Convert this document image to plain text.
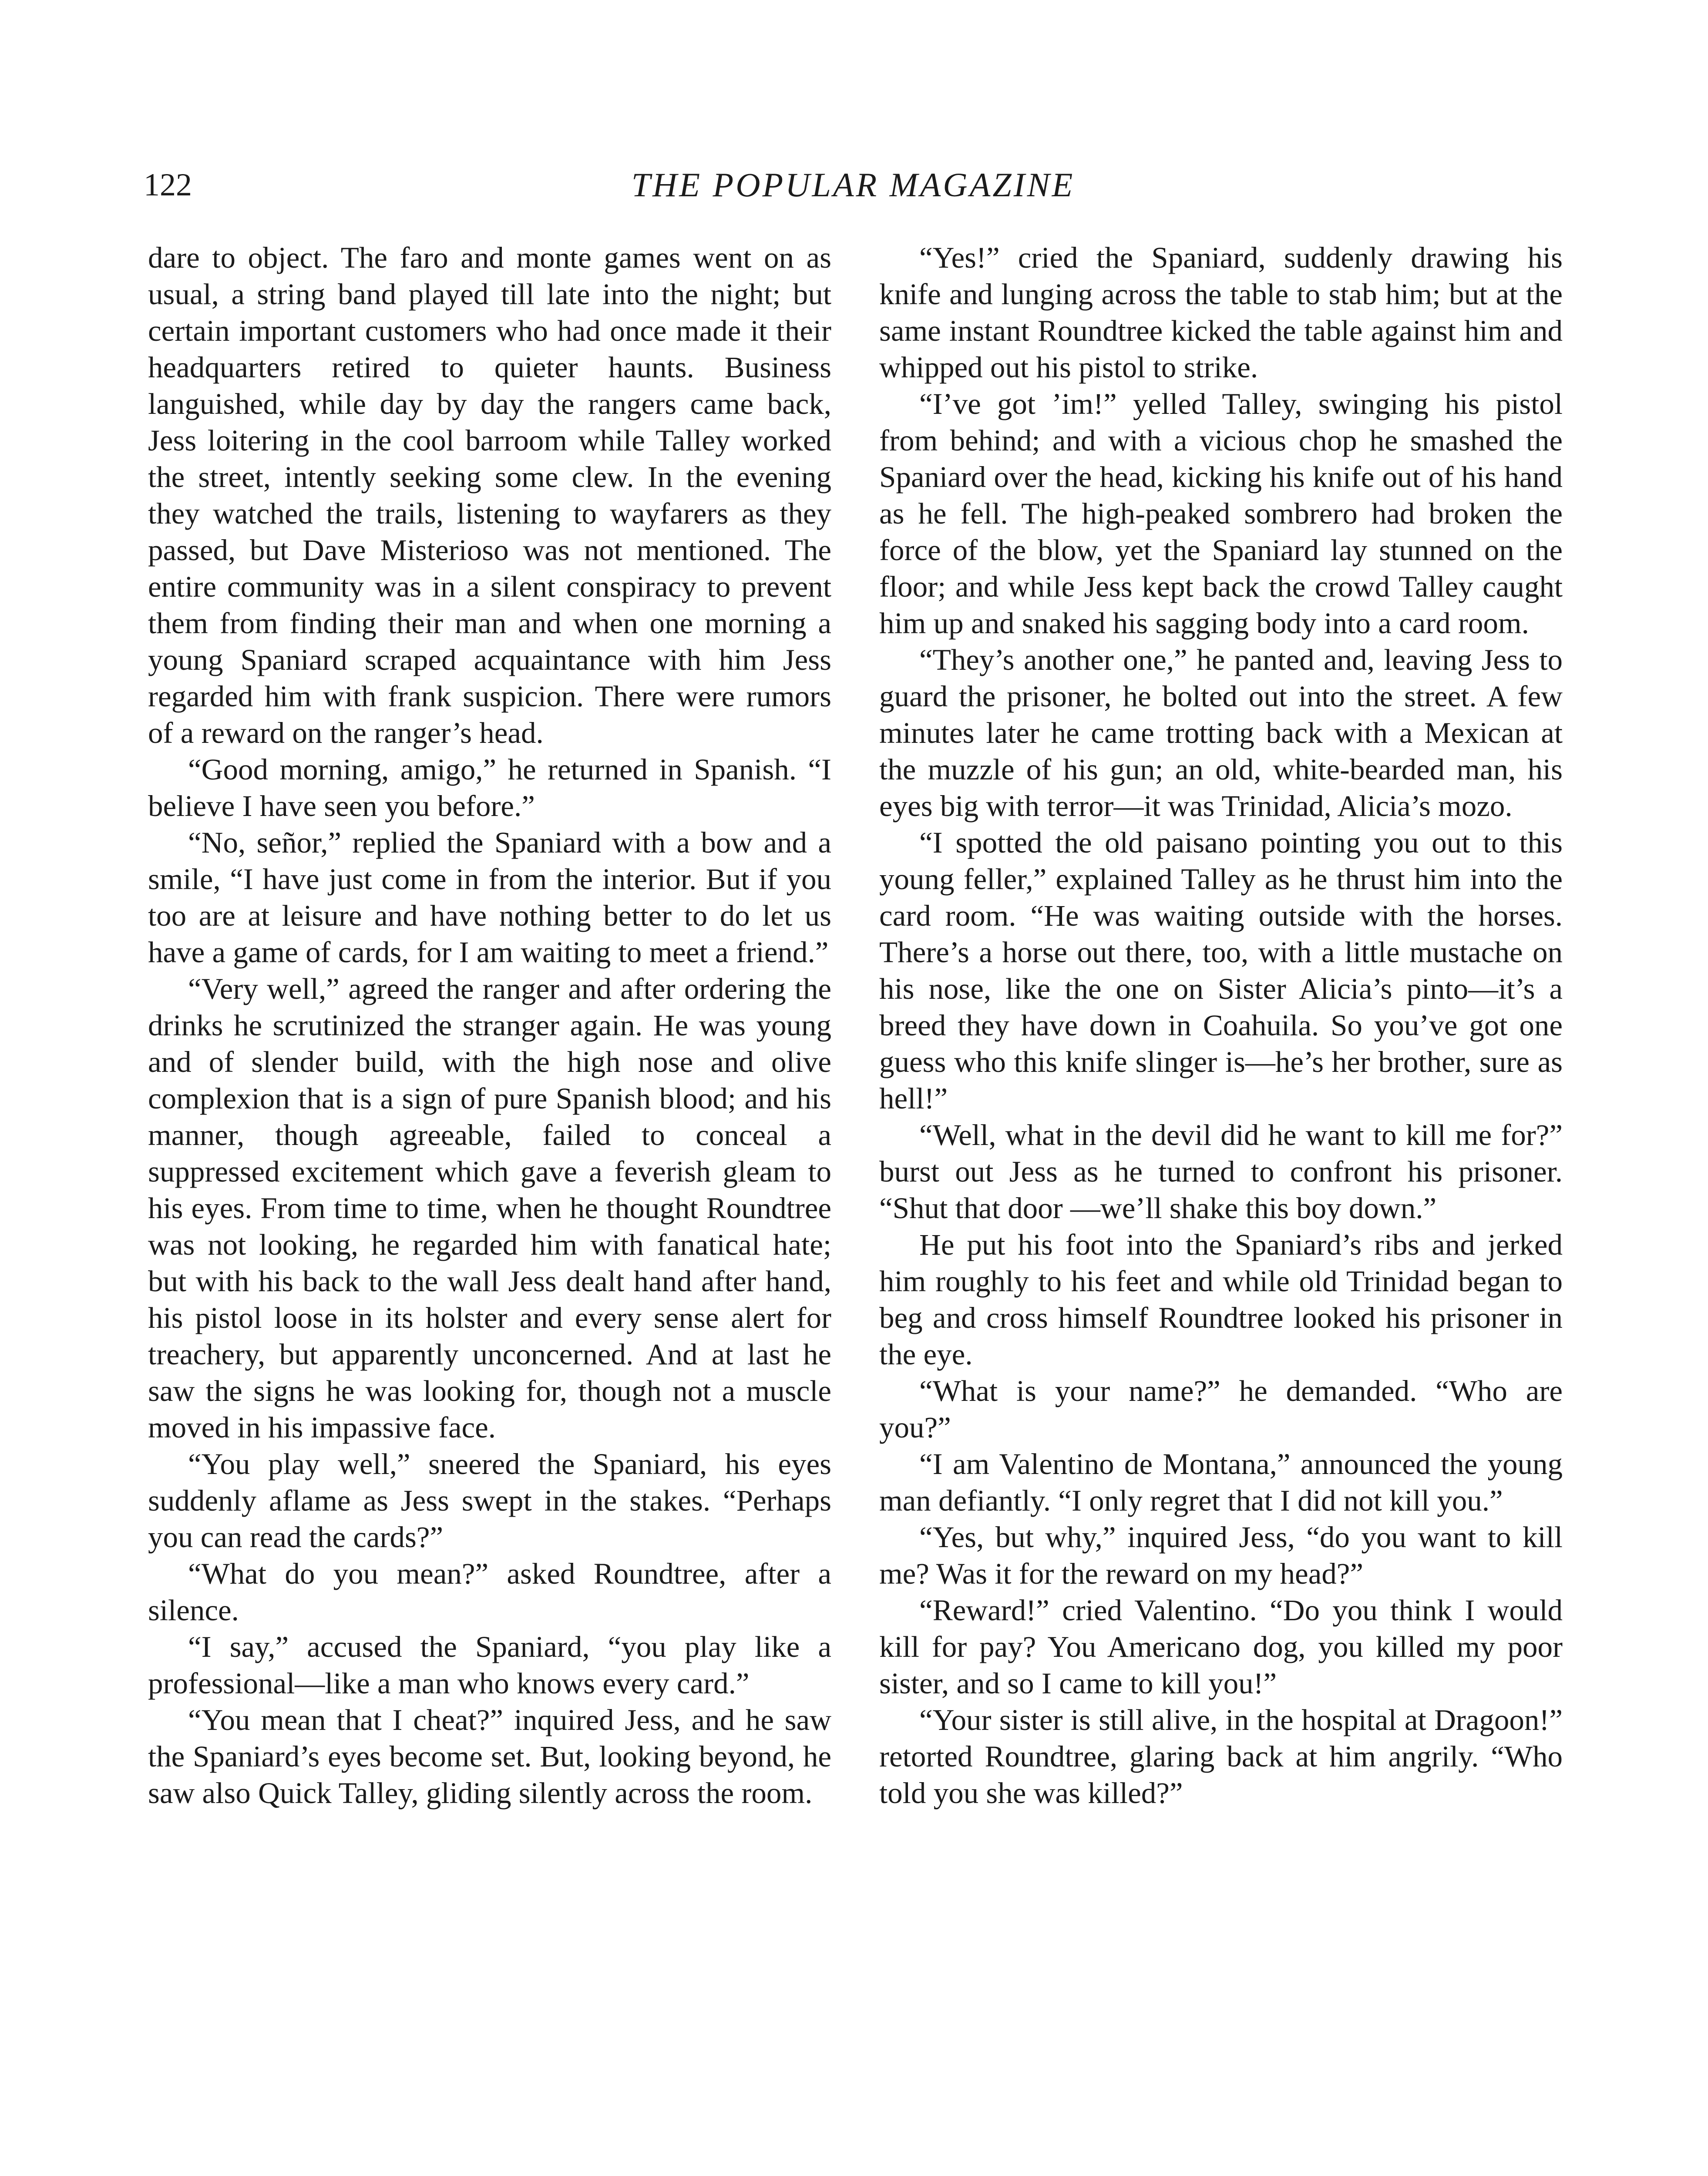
122	THE POPULAR MAGAZINE

dare to object. The faro and monte games went on as usual, a string band played till late into the night; but certain important customers who had once made it their headquarters retired to quieter haunts. Business languished, while day by day the rangers came back, Jess loitering in the cool barroom while Talley worked the street, intently seeking some clew. In the evening they watched the trails, listening to wayfarers as they passed, but Dave Misterioso was not mentioned. The entire community was in a silent conspiracy to prevent them from finding their man and when one morning a young Spaniard scraped acquaintance with him Jess regarded him with frank suspicion. There were rumors of a reward on the ranger’s head.

“Good morning, amigo,” he returned in Spanish. “I believe I have seen you before.”

“No, señor,” replied the Spaniard with a bow and a smile, “I have just come in from the interior. But if you too are at leisure and have nothing better to do let us have a game of cards, for I am waiting to meet a friend.”

“Very well,” agreed the ranger and after ordering the drinks he scrutinized the stranger again. He was young and of slender build, with the high nose and olive complexion that is a sign of pure Spanish blood; and his manner, though agreeable, failed to conceal a suppressed excitement which gave a feverish gleam to his eyes. From time to time, when he thought Roundtree was not looking, he regarded him with fanatical hate; but with his back to the wall Jess dealt hand after hand, his pistol loose in its holster and every sense alert for treachery, but apparently unconcerned. And at last he saw the signs he was looking for, though not a muscle moved in his impassive face.

“You play well,” sneered the Spaniard, his eyes suddenly aflame as Jess swept in the stakes. “Perhaps you can read the cards?”

“What do you mean?” asked Roundtree, after a silence.

“I say,” accused the Spaniard, “you play like a professional—like a man who knows every card.”

“You mean that I cheat?” inquired Jess, and he saw the Spaniard’s eyes become set. But, looking beyond, he saw also Quick Talley, gliding silently across the room.

“Yes!” cried the Spaniard, suddenly drawing his knife and lunging across the table to stab him; but at the same instant Roundtree kicked the table against him and whipped out his pistol to strike.

“I’ve got ’im!” yelled Talley, swinging his pistol from behind; and with a vicious chop he smashed the Spaniard over the head, kicking his knife out of his hand as he fell. The high-peaked sombrero had broken the force of the blow, yet the Spaniard lay stunned on the floor; and while Jess kept back the crowd Talley caught him up and snaked his sagging body into a card room.

“They’s another one,” he panted and, leaving Jess to guard the prisoner, he bolted out into the street. A few minutes later he came trotting back with a Mexican at the muzzle of his gun; an old, white-bearded man, his eyes big with terror—it was Trinidad, Alicia’s mozo.

“I spotted the old paisano pointing you out to this young feller,” explained Talley as he thrust him into the card room. “He was waiting outside with the horses. There’s a horse out there, too, with a little mustache on his nose, like the one on Sister Alicia’s pinto—it’s a breed they have down in Coahuila. So you’ve got one guess who this knife slinger is—he’s her brother, sure as hell!”

“Well, what in the devil did he want to kill me for?” burst out Jess as he turned to confront his prisoner. “Shut that door —we’ll shake this boy down.”

He put his foot into the Spaniard’s ribs and jerked him roughly to his feet and while old Trinidad began to beg and cross himself Roundtree looked his prisoner in the eye.

“What is your name?” he demanded. “Who are you?”

“I am Valentino de Montana,” announced the young man defiantly. “I only regret that I did not kill you.”

“Yes, but why,” inquired Jess, “do you want to kill me? Was it for the reward on my head?”

“Reward!” cried Valentino. “Do you think I would kill for pay? You Americano dog, you killed my poor sister, and so I came to kill you!”

“Your sister is still alive, in the hospital at Dragoon!” retorted Roundtree, glaring back at him angrily. “Who told you she was killed?”
